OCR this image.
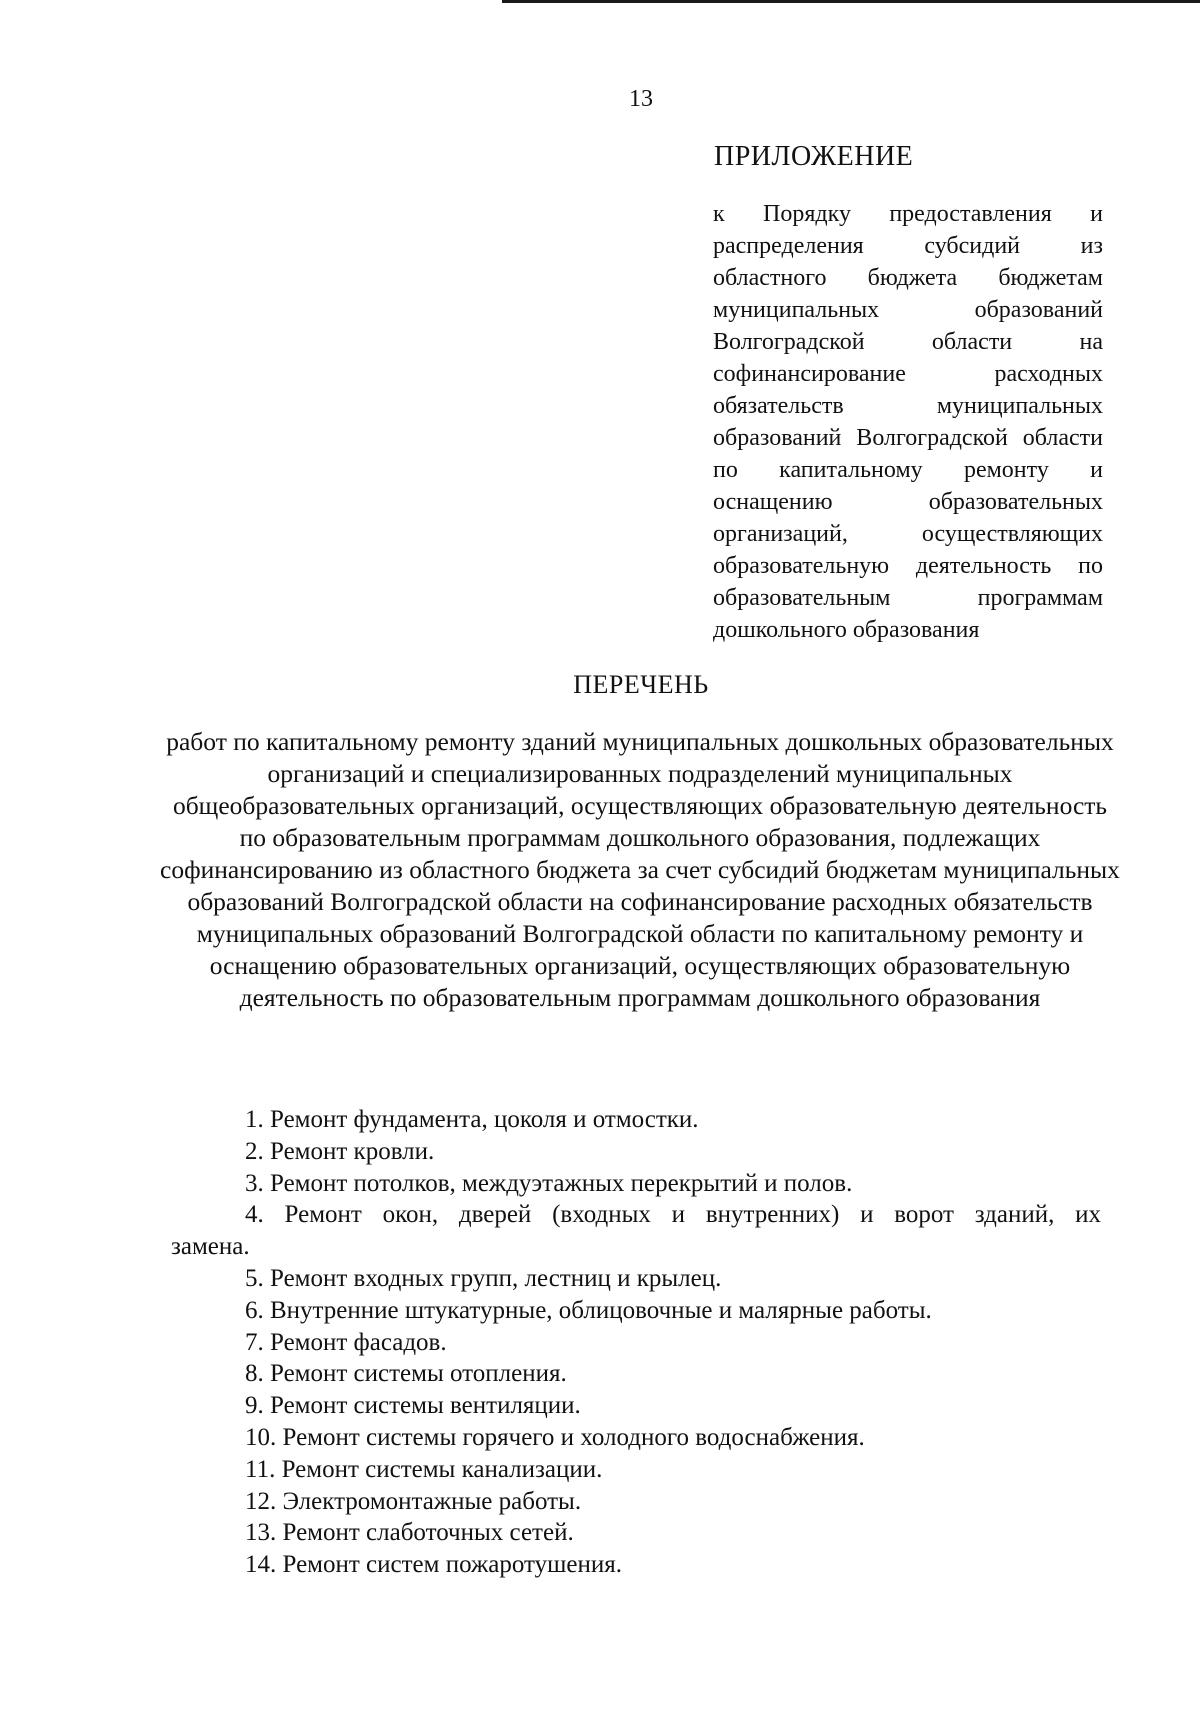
13
ПРИЛОЖЕНИЕ
к Порядку предоставления и распределения субсидий из областного бюджета бюджетам муниципальных образований Волгоградской области на софинансирование расходных обязательств муниципальных образований Волгоградской области по капитальному ремонту и оснащению образовательных организаций, осуществляющих образовательную деятельность по образовательным программам дошкольного образования
ПЕРЕЧЕНЬ
работ по капитальному ремонту зданий муниципальных дошкольных образовательных организаций и специализированных подразделений муниципальных общеобразовательных организаций, осуществляющих образовательную деятельность по образовательным программам дошкольного образования, подлежащих софинансированию из областного бюджета за счет субсидий бюджетам муниципальных образований Волгоградской области на софинансирование расходных обязательств муниципальных образований Волгоградской области по капитальному ремонту и оснащению образовательных организаций, осуществляющих образовательную деятельность по образовательным программам дошкольного образования
1. Ремонт фундамента, цоколя и отмостки.
2. Ремонт кровли.
3. Ремонт потолков, междуэтажных перекрытий и полов.
4. Ремонт окон, дверей (входных и внутренних) и ворот зданий, их замена.
5. Ремонт входных групп, лестниц и крылец.
6. Внутренние штукатурные, облицовочные и малярные работы.
7. Ремонт фасадов.
8. Ремонт системы отопления.
9. Ремонт системы вентиляции.
10. Ремонт системы горячего и холодного водоснабжения.
11. Ремонт системы канализации.
12. Электромонтажные работы.
13. Ремонт слаботочных сетей.
14. Ремонт систем пожаротушения.
